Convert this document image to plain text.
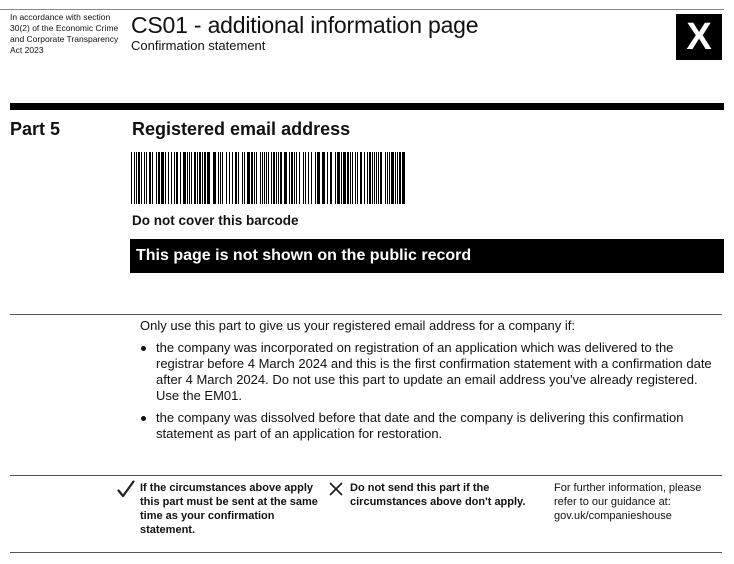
In accordance with section 30(2) of the Economic Crime and Corporate Transparency Act 2023
CS01 - additional information page
Confirmation statement	X
Part 5	Registered email address
Do not cover this barcode
This page is not shown on the public record
Only use this part to give us your registered email address for a company if:
the company was incorporated on registration of an application which was delivered to the registrar before 4 March 2024 and this is the first confirmation statement with a confirmation date after 4 March 2024. Do not use this part to update an email address you've already registered. Use the EM01.
the company was dissolved before that date and the company is delivering this confirmation statement as part of an application for restoration.
If the circumstances above apply this part must be sent at the same time as your confirmation statement.
Do not send this part if the circumstances above don't apply.
For further information, please refer to our guidance at: gov.uk/companieshouse
